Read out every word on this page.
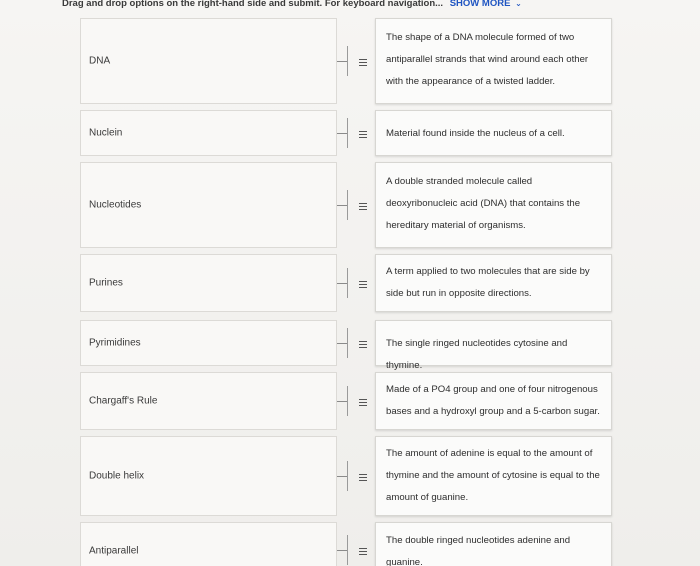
Drag and drop options on the right-hand side and submit. For keyboard navigation... SHOW MORE ⌄
DNA
The shape of a DNA molecule formed of two antiparallel strands that wind around each other with the appearance of a twisted ladder.
Nuclein	Material found inside the nucleus of a cell.
Nucleotides
A double stranded molecule called deoxyribonucleic acid (DNA) that contains the hereditary material of organisms.
Purines
A term applied to two molecules that are side by side but run in opposite directions.
Pyrimidines	The single ringed nucleotides cytosine and thymine.
Chargaff's Rule
Made of a PO4 group and one of four nitrogenous bases and a hydroxyl group and a 5-carbon sugar.
Double helix
The amount of adenine is equal to the amount of thymine and the amount of cytosine is equal to the amount of guanine.
Antiparallel
The double ringed nucleotides adenine and guanine.
